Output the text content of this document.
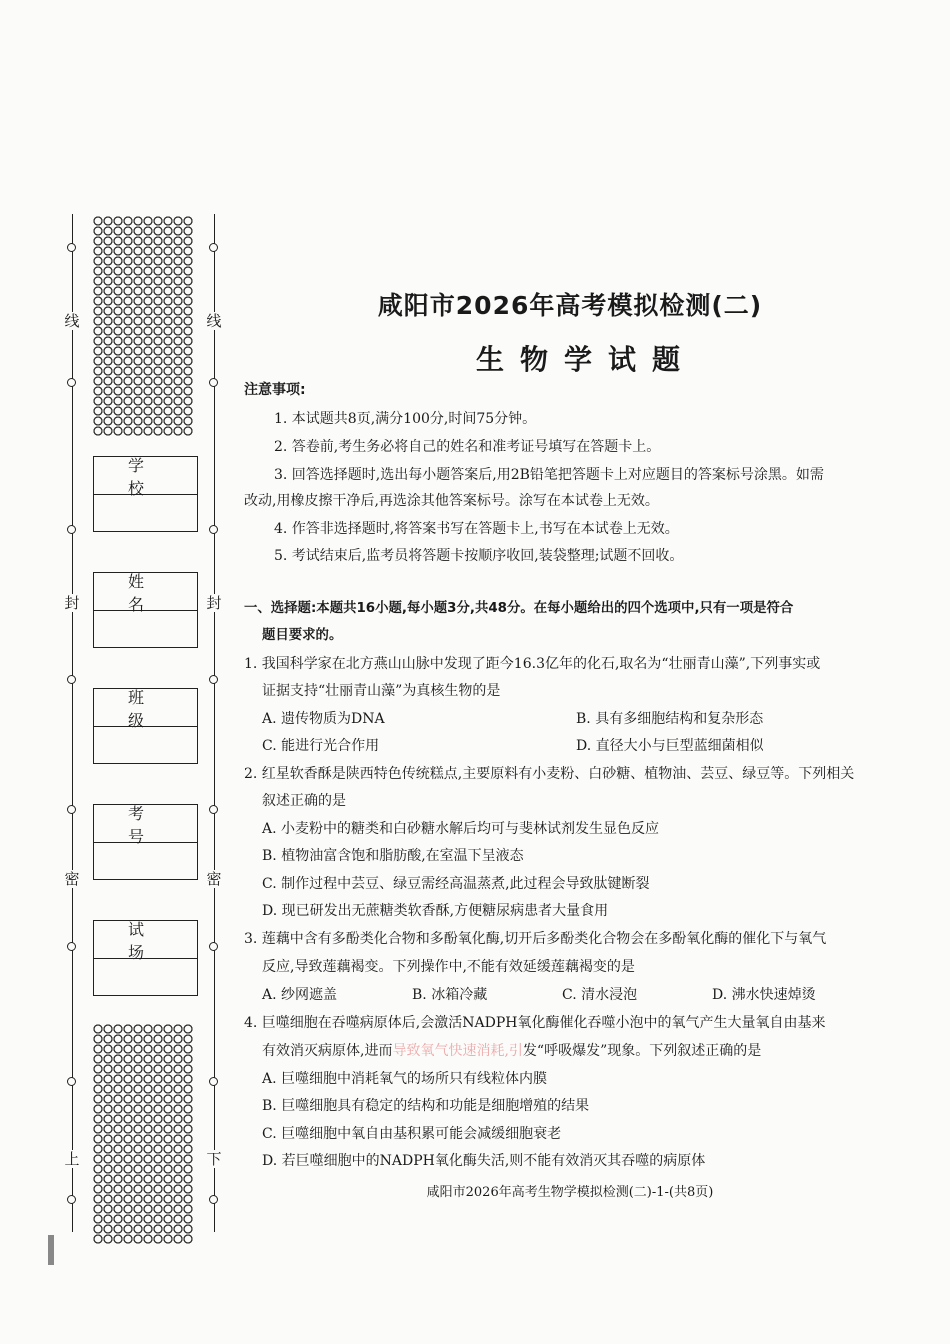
线
封
密
上
线
封
密
下
学 校
姓 名
班 级
考 号
试 场
咸阳市2026年高考模拟检测(二)
生物学试题
注意事项:
1. 本试题共8页,满分100分,时间75分钟。
2. 答卷前,考生务必将自己的姓名和准考证号填写在答题卡上。
3. 回答选择题时,选出每小题答案后,用2B铅笔把答题卡上对应题目的答案标号涂黑。如需
改动,用橡皮擦干净后,再选涂其他答案标号。涂写在本试卷上无效。
4. 作答非选择题时,将答案书写在答题卡上,书写在本试卷上无效。
5. 考试结束后,监考员将答题卡按顺序收回,装袋整理;试题不回收。
一、选择题:本题共16小题,每小题3分,共48分。在每小题给出的四个选项中,只有一项是符合
题目要求的。
1. 我国科学家在北方燕山山脉中发现了距今16.3亿年的化石,取名为“壮丽青山藻”,下列事实或
证据支持“壮丽青山藻”为真核生物的是
A. 遗传物质为DNA	B. 具有多细胞结构和复杂形态
C. 能进行光合作用	D. 直径大小与巨型蓝细菌相似
2. 红星软香酥是陕西特色传统糕点,主要原料有小麦粉、白砂糖、植物油、芸豆、绿豆等。下列相关
叙述正确的是
A. 小麦粉中的糖类和白砂糖水解后均可与斐林试剂发生显色反应
B. 植物油富含饱和脂肪酸,在室温下呈液态
C. 制作过程中芸豆、绿豆需经高温蒸煮,此过程会导致肽键断裂
D. 现已研发出无蔗糖类软香酥,方便糖尿病患者大量食用
3. 莲藕中含有多酚类化合物和多酚氧化酶,切开后多酚类化合物会在多酚氧化酶的催化下与氧气
反应,导致莲藕褐变。下列操作中,不能有效延缓莲藕褐变的是
A. 纱网遮盖	B. 冰箱冷藏	C. 清水浸泡	D. 沸水快速焯烫
4. 巨噬细胞在吞噬病原体后,会激活NADPH氧化酶催化吞噬小泡中的氧气产生大量氧自由基来
有效消灭病原体,进而导致氧气快速消耗,引发“呼吸爆发”现象。下列叙述正确的是
A. 巨噬细胞中消耗氧气的场所只有线粒体内膜
B. 巨噬细胞具有稳定的结构和功能是细胞增殖的结果
C. 巨噬细胞中氧自由基积累可能会减缓细胞衰老
D. 若巨噬细胞中的NADPH氧化酶失活,则不能有效消灭其吞噬的病原体
咸阳市2026年高考生物学模拟检测(二)-1-(共8页)
